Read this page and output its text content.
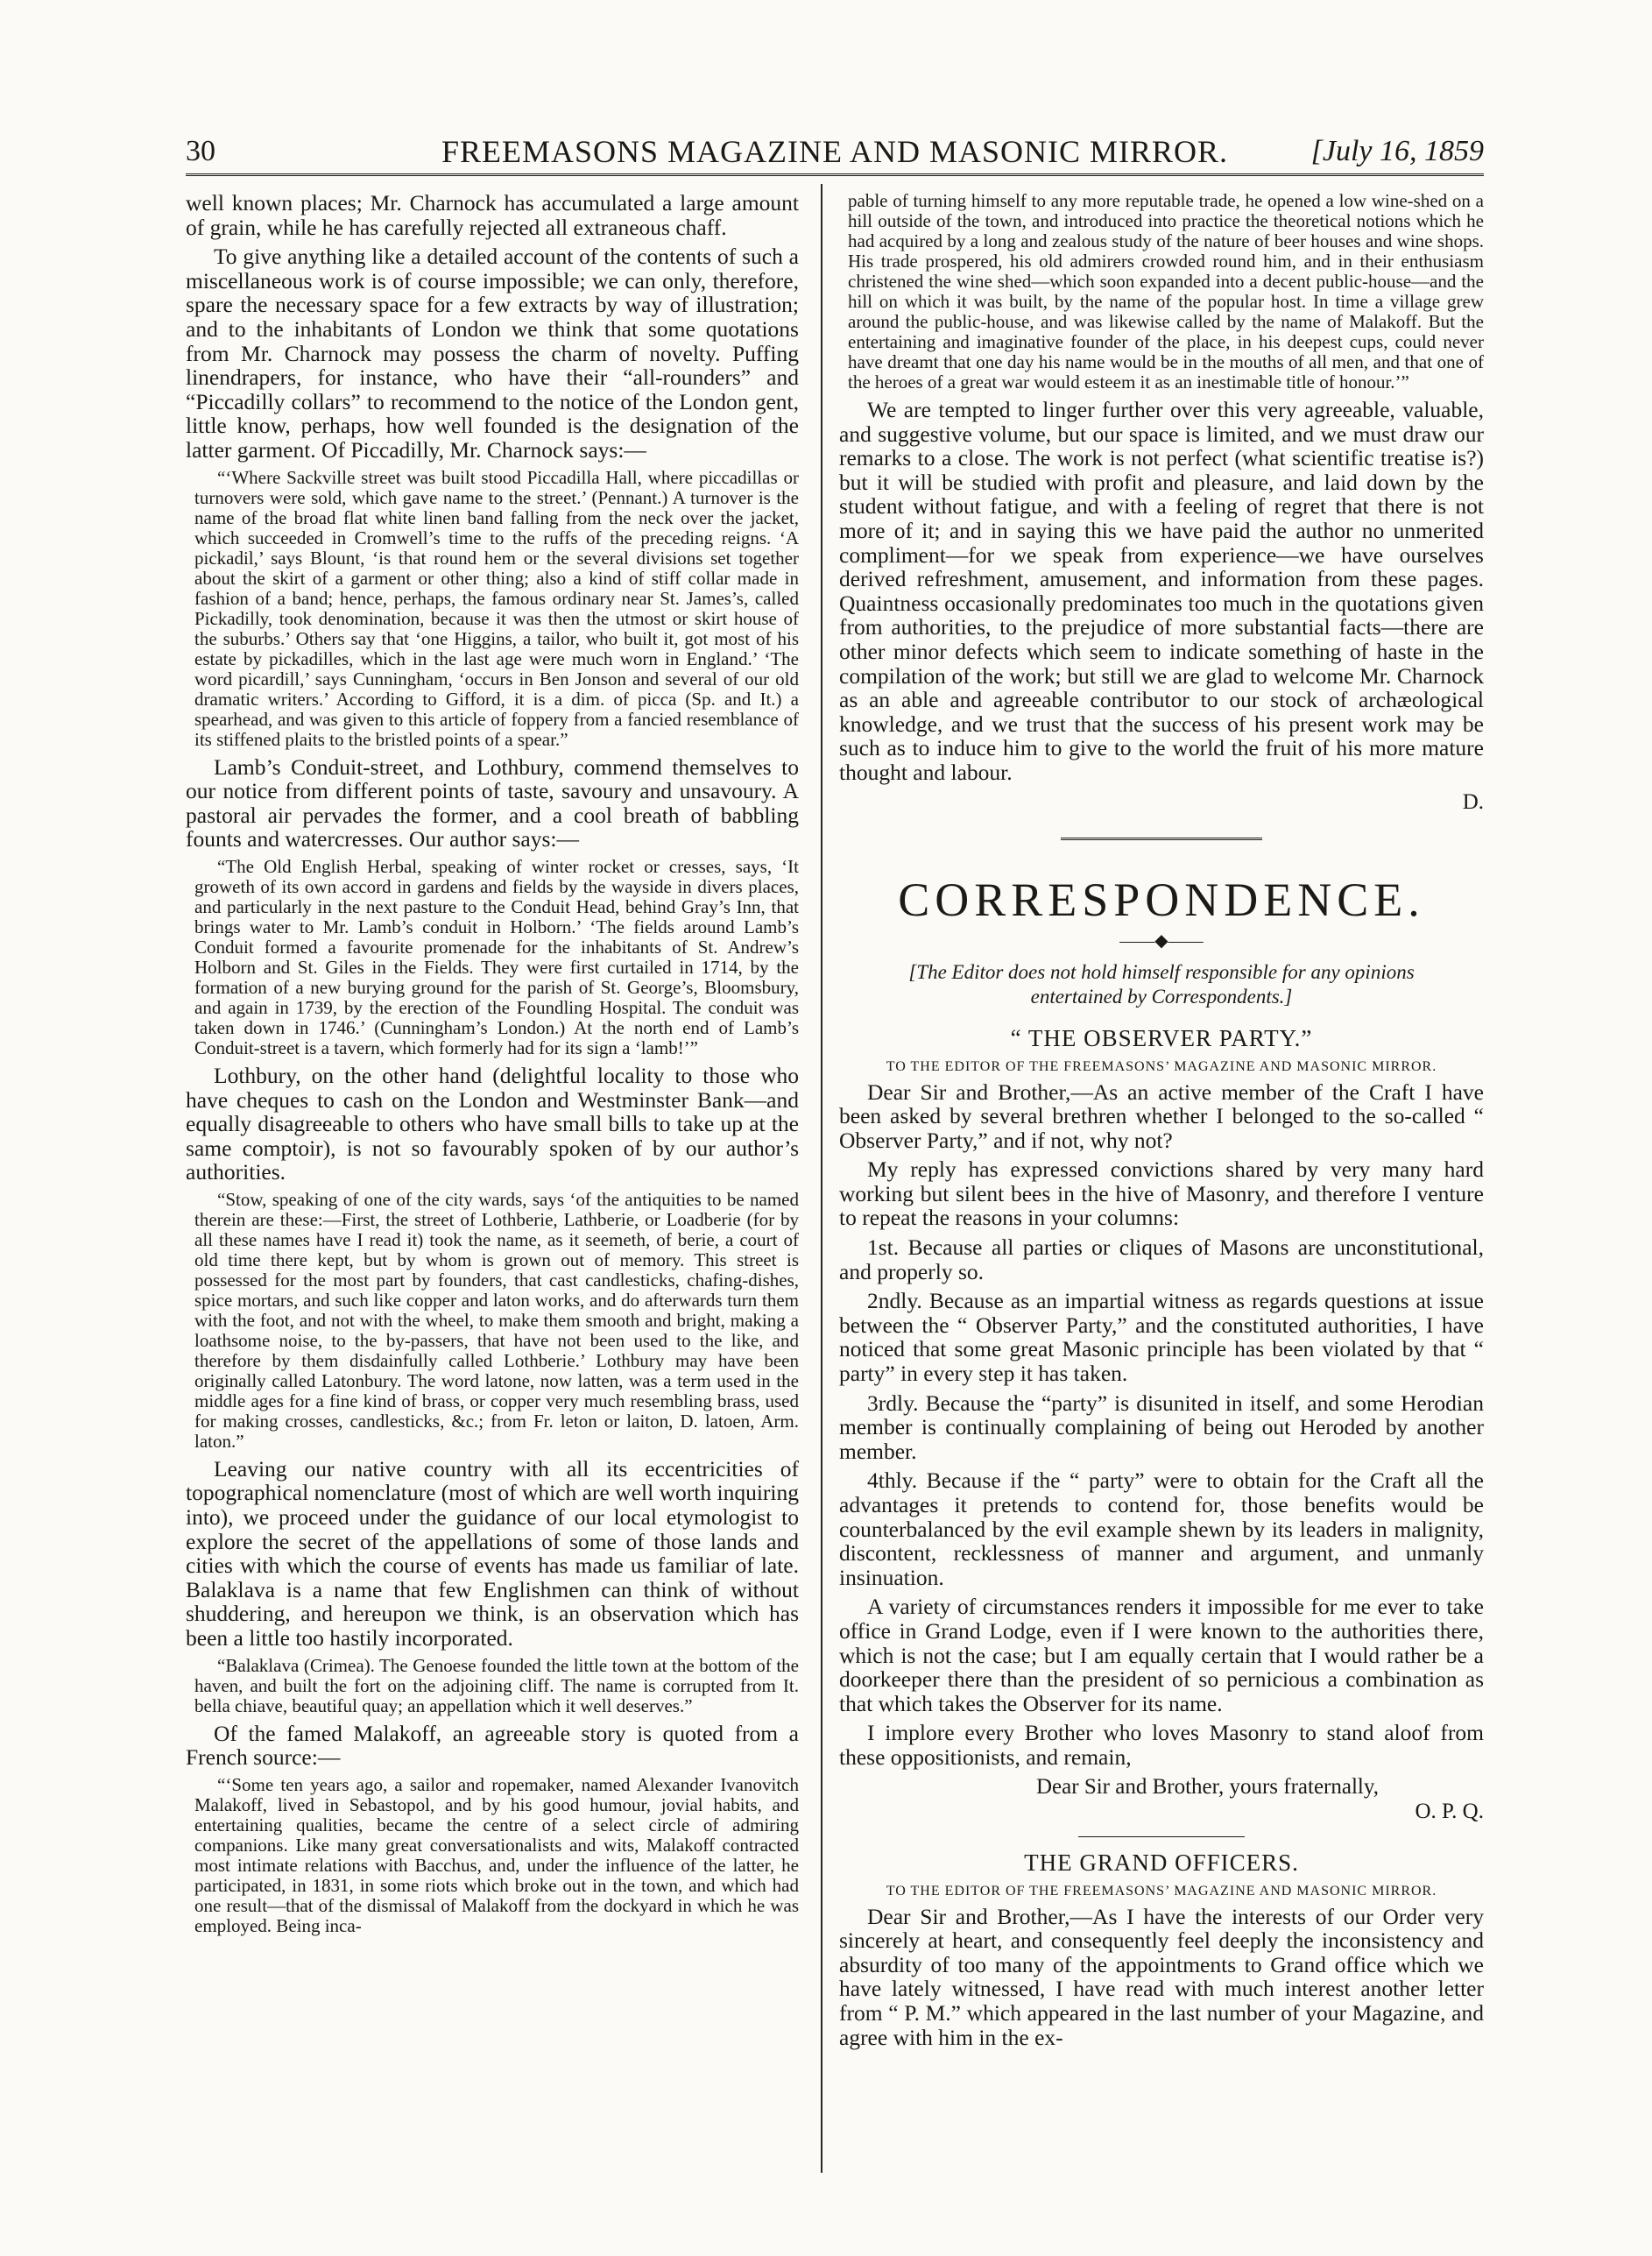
30	FREEMASONS MAGAZINE AND MASONIC MIRROR.	[July 16, 1859

well known places; Mr. Charnock has accumulated a large amount of grain, while he has carefully rejected all extraneous chaff.

To give anything like a detailed account of the contents of such a miscellaneous work is of course impossible; we can only, therefore, spare the necessary space for a few extracts by way of illustration; and to the inhabitants of London we think that some quotations from Mr. Charnock may possess the charm of novelty. Puffing linendrapers, for instance, who have their “all-rounders” and “Piccadilly collars” to recommend to the notice of the London gent, little know, perhaps, how well founded is the designation of the latter garment. Of Piccadilly, Mr. Charnock says:—

“‘Where Sackville street was built stood Piccadilla Hall, where piccadillas or turnovers were sold, which gave name to the street.’ (Pennant.) A turnover is the name of the broad flat white linen band falling from the neck over the jacket, which succeeded in Cromwell’s time to the ruffs of the preceding reigns. ‘A pickadil,’ says Blount, ‘is that round hem or the several divisions set together about the skirt of a garment or other thing; also a kind of stiff collar made in fashion of a band; hence, perhaps, the famous ordinary near St. James’s, called Pickadilly, took denomination, because it was then the utmost or skirt house of the suburbs.’ Others say that ‘one Higgins, a tailor, who built it, got most of his estate by pickadilles, which in the last age were much worn in England.’ ‘The word picardill,’ says Cunningham, ‘occurs in Ben Jonson and several of our old dramatic writers.’ According to Gifford, it is a dim. of picca (Sp. and It.) a spearhead, and was given to this article of foppery from a fancied resemblance of its stiffened plaits to the bristled points of a spear.”

Lamb’s Conduit-street, and Lothbury, commend themselves to our notice from different points of taste, savoury and unsavoury. A pastoral air pervades the former, and a cool breath of babbling founts and watercresses. Our author says:—

“The Old English Herbal, speaking of winter rocket or cresses, says, ‘It groweth of its own accord in gardens and fields by the wayside in divers places, and particularly in the next pasture to the Conduit Head, behind Gray’s Inn, that brings water to Mr. Lamb’s conduit in Holborn.’ ‘The fields around Lamb’s Conduit formed a favourite promenade for the inhabitants of St. Andrew’s Holborn and St. Giles in the Fields. They were first curtailed in 1714, by the formation of a new burying ground for the parish of St. George’s, Bloomsbury, and again in 1739, by the erection of the Foundling Hospital. The conduit was taken down in 1746.’ (Cunningham’s London.) At the north end of Lamb’s Conduit-street is a tavern, which formerly had for its sign a ‘lamb!’”

Lothbury, on the other hand (delightful locality to those who have cheques to cash on the London and Westminster Bank—and equally disagreeable to others who have small bills to take up at the same comptoir), is not so favourably spoken of by our author’s authorities.

“Stow, speaking of one of the city wards, says ‘of the antiquities to be named therein are these:—First, the street of Lothberie, Lathberie, or Loadberie (for by all these names have I read it) took the name, as it seemeth, of berie, a court of old time there kept, but by whom is grown out of memory. This street is possessed for the most part by founders, that cast candlesticks, chafing-dishes, spice mortars, and such like copper and laton works, and do afterwards turn them with the foot, and not with the wheel, to make them smooth and bright, making a loathsome noise, to the by-passers, that have not been used to the like, and therefore by them disdainfully called Lothberie.’ Lothbury may have been originally called Latonbury. The word latone, now latten, was a term used in the middle ages for a fine kind of brass, or copper very much resembling brass, used for making crosses, candlesticks, &c.; from Fr. leton or laiton, D. latoen, Arm. laton.”

Leaving our native country with all its eccentricities of topographical nomenclature (most of which are well worth inquiring into), we proceed under the guidance of our local etymologist to explore the secret of the appellations of some of those lands and cities with which the course of events has made us familiar of late. Balaklava is a name that few Englishmen can think of without shuddering, and hereupon we think, is an observation which has been a little too hastily incorporated.

“Balaklava (Crimea). The Genoese founded the little town at the bottom of the haven, and built the fort on the adjoining cliff. The name is corrupted from It. bella chiave, beautiful quay; an appellation which it well deserves.”

Of the famed Malakoff, an agreeable story is quoted from a French source:—

“‘Some ten years ago, a sailor and ropemaker, named Alexander Ivanovitch Malakoff, lived in Sebastopol, and by his good humour, jovial habits, and entertaining qualities, became the centre of a select circle of admiring companions. Like many great conversationalists and wits, Malakoff contracted most intimate relations with Bacchus, and, under the influence of the latter, he participated, in 1831, in some riots which broke out in the town, and which had one result—that of the dismissal of Malakoff from the dockyard in which he was employed. Being inca-

pable of turning himself to any more reputable trade, he opened a low wine-shed on a hill outside of the town, and introduced into practice the theoretical notions which he had acquired by a long and zealous study of the nature of beer houses and wine shops. His trade prospered, his old admirers crowded round him, and in their enthusiasm christened the wine shed—which soon expanded into a decent public-house—and the hill on which it was built, by the name of the popular host. In time a village grew around the public-house, and was likewise called by the name of Malakoff. But the entertaining and imaginative founder of the place, in his deepest cups, could never have dreamt that one day his name would be in the mouths of all men, and that one of the heroes of a great war would esteem it as an inestimable title of honour.’”

We are tempted to linger further over this very agreeable, valuable, and suggestive volume, but our space is limited, and we must draw our remarks to a close. The work is not perfect (what scientific treatise is?) but it will be studied with profit and pleasure, and laid down by the student without fatigue, and with a feeling of regret that there is not more of it; and in saying this we have paid the author no unmerited compliment—for we speak from experience—we have ourselves derived refreshment, amusement, and information from these pages. Quaintness occasionally predominates too much in the quotations given from authorities, to the prejudice of more substantial facts—there are other minor defects which seem to indicate something of haste in the compilation of the work; but still we are glad to welcome Mr. Charnock as an able and agreeable contributor to our stock of archæological knowledge, and we trust that the success of his present work may be such as to induce him to give to the world the fruit of his more mature thought and labour.

D.

CORRESPONDENCE.
——◆——
[The Editor does not hold himself responsible for any opinions entertained by Correspondents.]
“ THE OBSERVER PARTY.”
TO THE EDITOR OF THE FREEMASONS’ MAGAZINE AND MASONIC MIRROR.

Dear Sir and Brother,—As an active member of the Craft I have been asked by several brethren whether I belonged to the so-called “ Observer Party,” and if not, why not?

My reply has expressed convictions shared by very many hard working but silent bees in the hive of Masonry, and therefore I venture to repeat the reasons in your columns:

1st. Because all parties or cliques of Masons are unconstitutional, and properly so.

2ndly. Because as an impartial witness as regards questions at issue between the “ Observer Party,” and the constituted authorities, I have noticed that some great Masonic principle has been violated by that “ party” in every step it has taken.

3rdly. Because the “party” is disunited in itself, and some Herodian member is continually complaining of being out Heroded by another member.

4thly. Because if the “ party” were to obtain for the Craft all the advantages it pretends to contend for, those benefits would be counterbalanced by the evil example shewn by its leaders in malignity, discontent, recklessness of manner and argument, and unmanly insinuation.

A variety of circumstances renders it impossible for me ever to take office in Grand Lodge, even if I were known to the authorities there, which is not the case; but I am equally certain that I would rather be a doorkeeper there than the president of so pernicious a combination as that which takes the Observer for its name.

I implore every Brother who loves Masonry to stand aloof from these oppositionists, and remain,

Dear Sir and Brother, yours fraternally,
O. P. Q.
THE GRAND OFFICERS.
TO THE EDITOR OF THE FREEMASONS’ MAGAZINE AND MASONIC MIRROR.

Dear Sir and Brother,—As I have the interests of our Order very sincerely at heart, and consequently feel deeply the inconsistency and absurdity of too many of the appointments to Grand office which we have lately witnessed, I have read with much interest another letter from “ P. M.” which appeared in the last number of your Magazine, and agree with him in the ex-
